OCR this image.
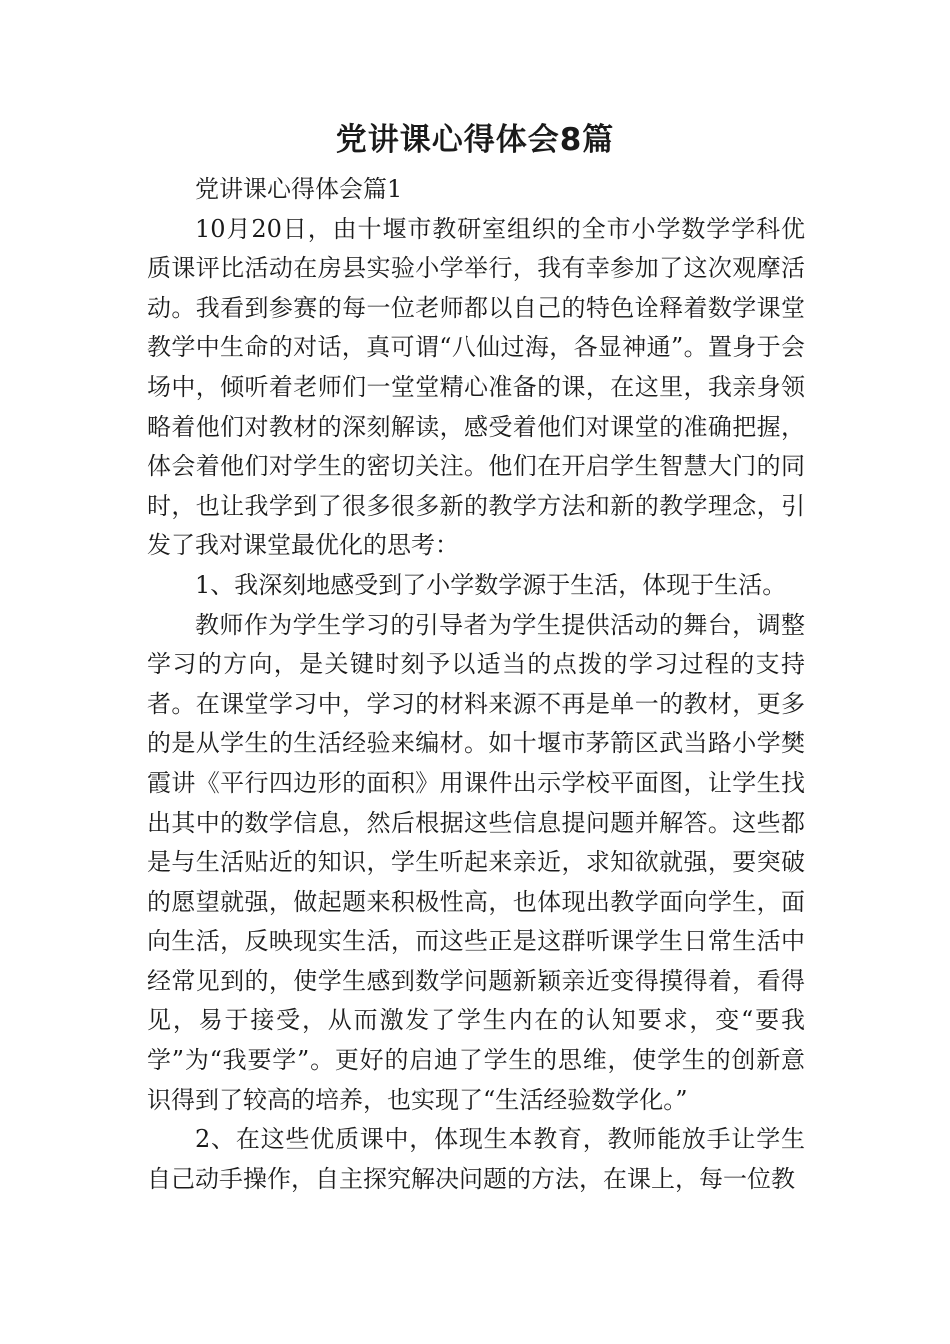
党讲课心得体会8篇

党讲课心得体会篇1

10月20日，由十堰市教研室组织的全市小学数学学科优质课评比活动在房县实验小学举行，我有幸参加了这次观摩活动。我看到参赛的每一位老师都以自己的特色诠释着数学课堂教学中生命的对话，真可谓“八仙过海，各显神通”。置身于会场中，倾听着老师们一堂堂精心准备的课，在这里，我亲身领略着他们对教材的深刻解读，感受着他们对课堂的准确把握，体会着他们对学生的密切关注。他们在开启学生智慧大门的同时，也让我学到了很多很多新的教学方法和新的教学理念，引发了我对课堂最优化的思考：

1、我深刻地感受到了小学数学源于生活，体现于生活。

教师作为学生学习的引导者为学生提供活动的舞台，调整学习的方向，是关键时刻予以适当的点拨的学习过程的支持者。在课堂学习中，学习的材料来源不再是单一的教材，更多的是从学生的生活经验来编材。如十堰市茅箭区武当路小学樊霞讲《平行四边形的面积》用课件出示学校平面图，让学生找出其中的数学信息，然后根据这些信息提问题并解答。这些都是与生活贴近的知识，学生听起来亲近，求知欲就强，要突破的愿望就强，做起题来积极性高，也体现出教学面向学生，面向生活，反映现实生活，而这些正是这群听课学生日常生活中经常见到的，使学生感到数学问题新颖亲近变得摸得着，看得见，易于接受，从而激发了学生内在的认知要求，变“要我学”为“我要学”。更好的启迪了学生的思维，使学生的创新意识得到了较高的培养，也实现了“生活经验数学化。”

2、在这些优质课中，体现生本教育，教师能放手让学生自己动手操作，自主探究解决问题的方法，在课上，每一位教
